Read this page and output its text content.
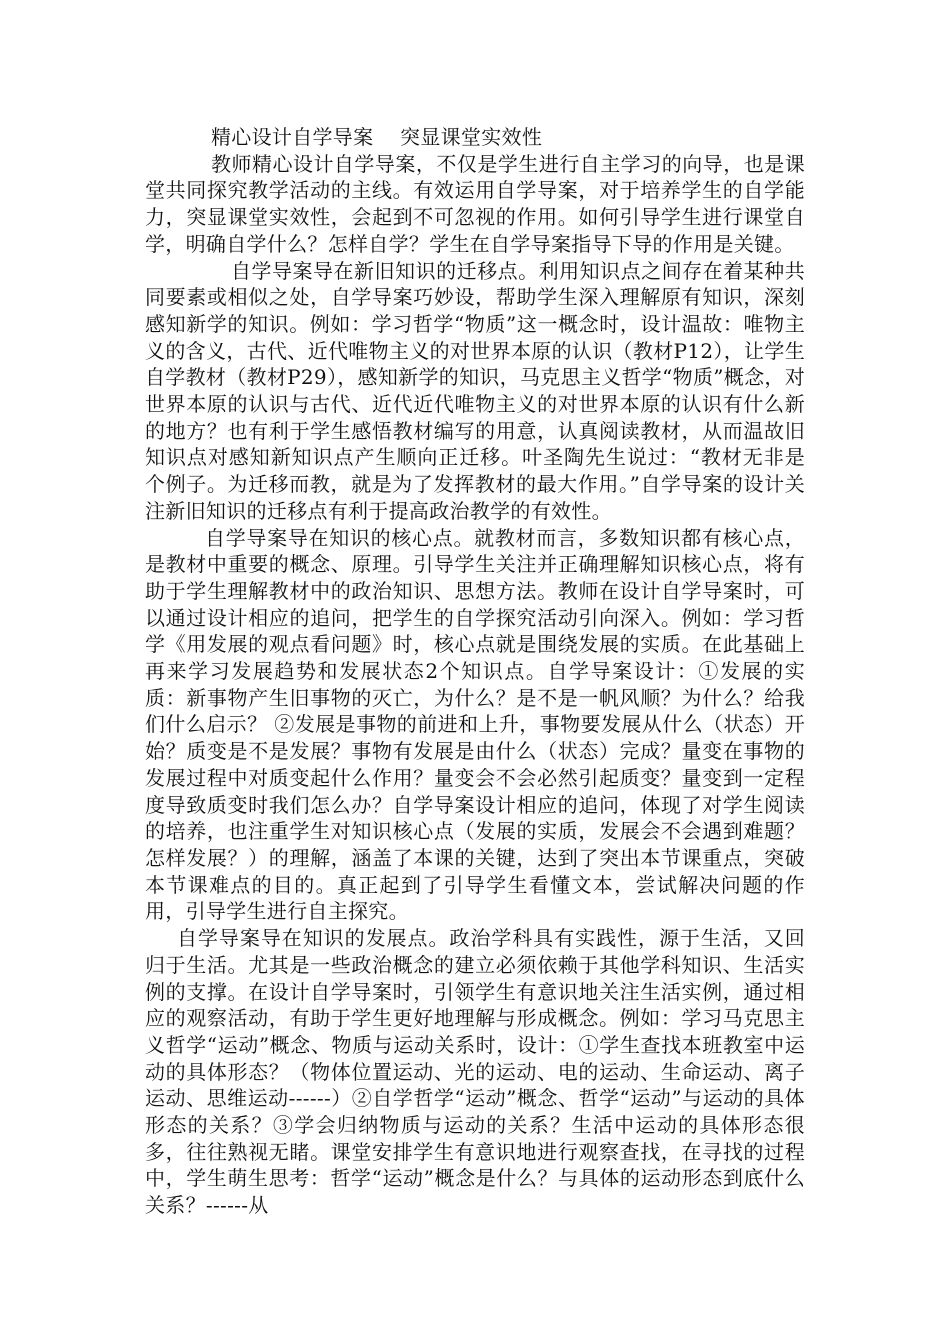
精心设计自学导案    突显课堂实效性

教师精心设计自学导案，不仅是学生进行自主学习的向导，也是课堂共同探究教学活动的主线。有效运用自学导案，对于培养学生的自学能力，突显课堂实效性，会起到不可忽视的作用。如何引导学生进行课堂自学，明确自学什么？怎样自学？学生在自学导案指导下导的作用是关键。

自学导案导在新旧知识的迁移点。利用知识点之间存在着某种共同要素或相似之处，自学导案巧妙设，帮助学生深入理解原有知识，深刻感知新学的知识。例如：学习哲学“物质”这一概念时，设计温故：唯物主义的含义，古代、近代唯物主义的对世界本原的认识（教材P12），让学生自学教材（教材P29），感知新学的知识，马克思主义哲学“物质”概念，对世界本原的认识与古代、近代近代唯物主义的对世界本原的认识有什么新的地方？也有利于学生感悟教材编写的用意，认真阅读教材，从而温故旧知识点对感知新知识点产生顺向正迁移。叶圣陶先生说过：“教材无非是个例子。为迁移而教，就是为了发挥教材的最大作用。”自学导案的设计关注新旧知识的迁移点有利于提高政治教学的有效性。

自学导案导在知识的核心点。就教材而言，多数知识都有核心点，是教材中重要的概念、原理。引导学生关注并正确理解知识核心点，将有助于学生理解教材中的政治知识、思想方法。教师在设计自学导案时，可以通过设计相应的追问，把学生的自学探究活动引向深入。例如：学习哲学《用发展的观点看问题》时，核心点就是围绕发展的实质。在此基础上再来学习发展趋势和发展状态2个知识点。自学导案设计：①发展的实质：新事物产生旧事物的灭亡，为什么？是不是一帆风顺？为什么？给我们什么启示？ ②发展是事物的前进和上升，事物要发展从什么（状态）开始？质变是不是发展？事物有发展是由什么（状态）完成？量变在事物的发展过程中对质变起什么作用？量变会不会必然引起质变？量变到一定程度导致质变时我们怎么办？自学导案设计相应的追问，体现了对学生阅读的培养，也注重学生对知识核心点（发展的实质，发展会不会遇到难题？怎样发展？）的理解，涵盖了本课的关键，达到了突出本节课重点，突破本节课难点的目的。真正起到了引导学生看懂文本，尝试解决问题的作用，引导学生进行自主探究。

自学导案导在知识的发展点。政治学科具有实践性，源于生活，又回归于生活。尤其是一些政治概念的建立必须依赖于其他学科知识、生活实例的支撑。在设计自学导案时，引领学生有意识地关注生活实例，通过相应的观察活动，有助于学生更好地理解与形成概念。例如：学习马克思主义哲学“运动”概念、物质与运动关系时，设计：①学生查找本班教室中运动的具体形态？（物体位置运动、光的运动、电的运动、生命运动、离子运动、思维运动------）②自学哲学“运动”概念、哲学“运动”与运动的具体形态的关系？③学会归纳物质与运动的关系？生活中运动的具体形态很多，往往熟视无睹。课堂安排学生有意识地进行观察查找，在寻找的过程中，学生萌生思考：哲学“运动”概念是什么？与具体的运动形态到底什么关系？------从
